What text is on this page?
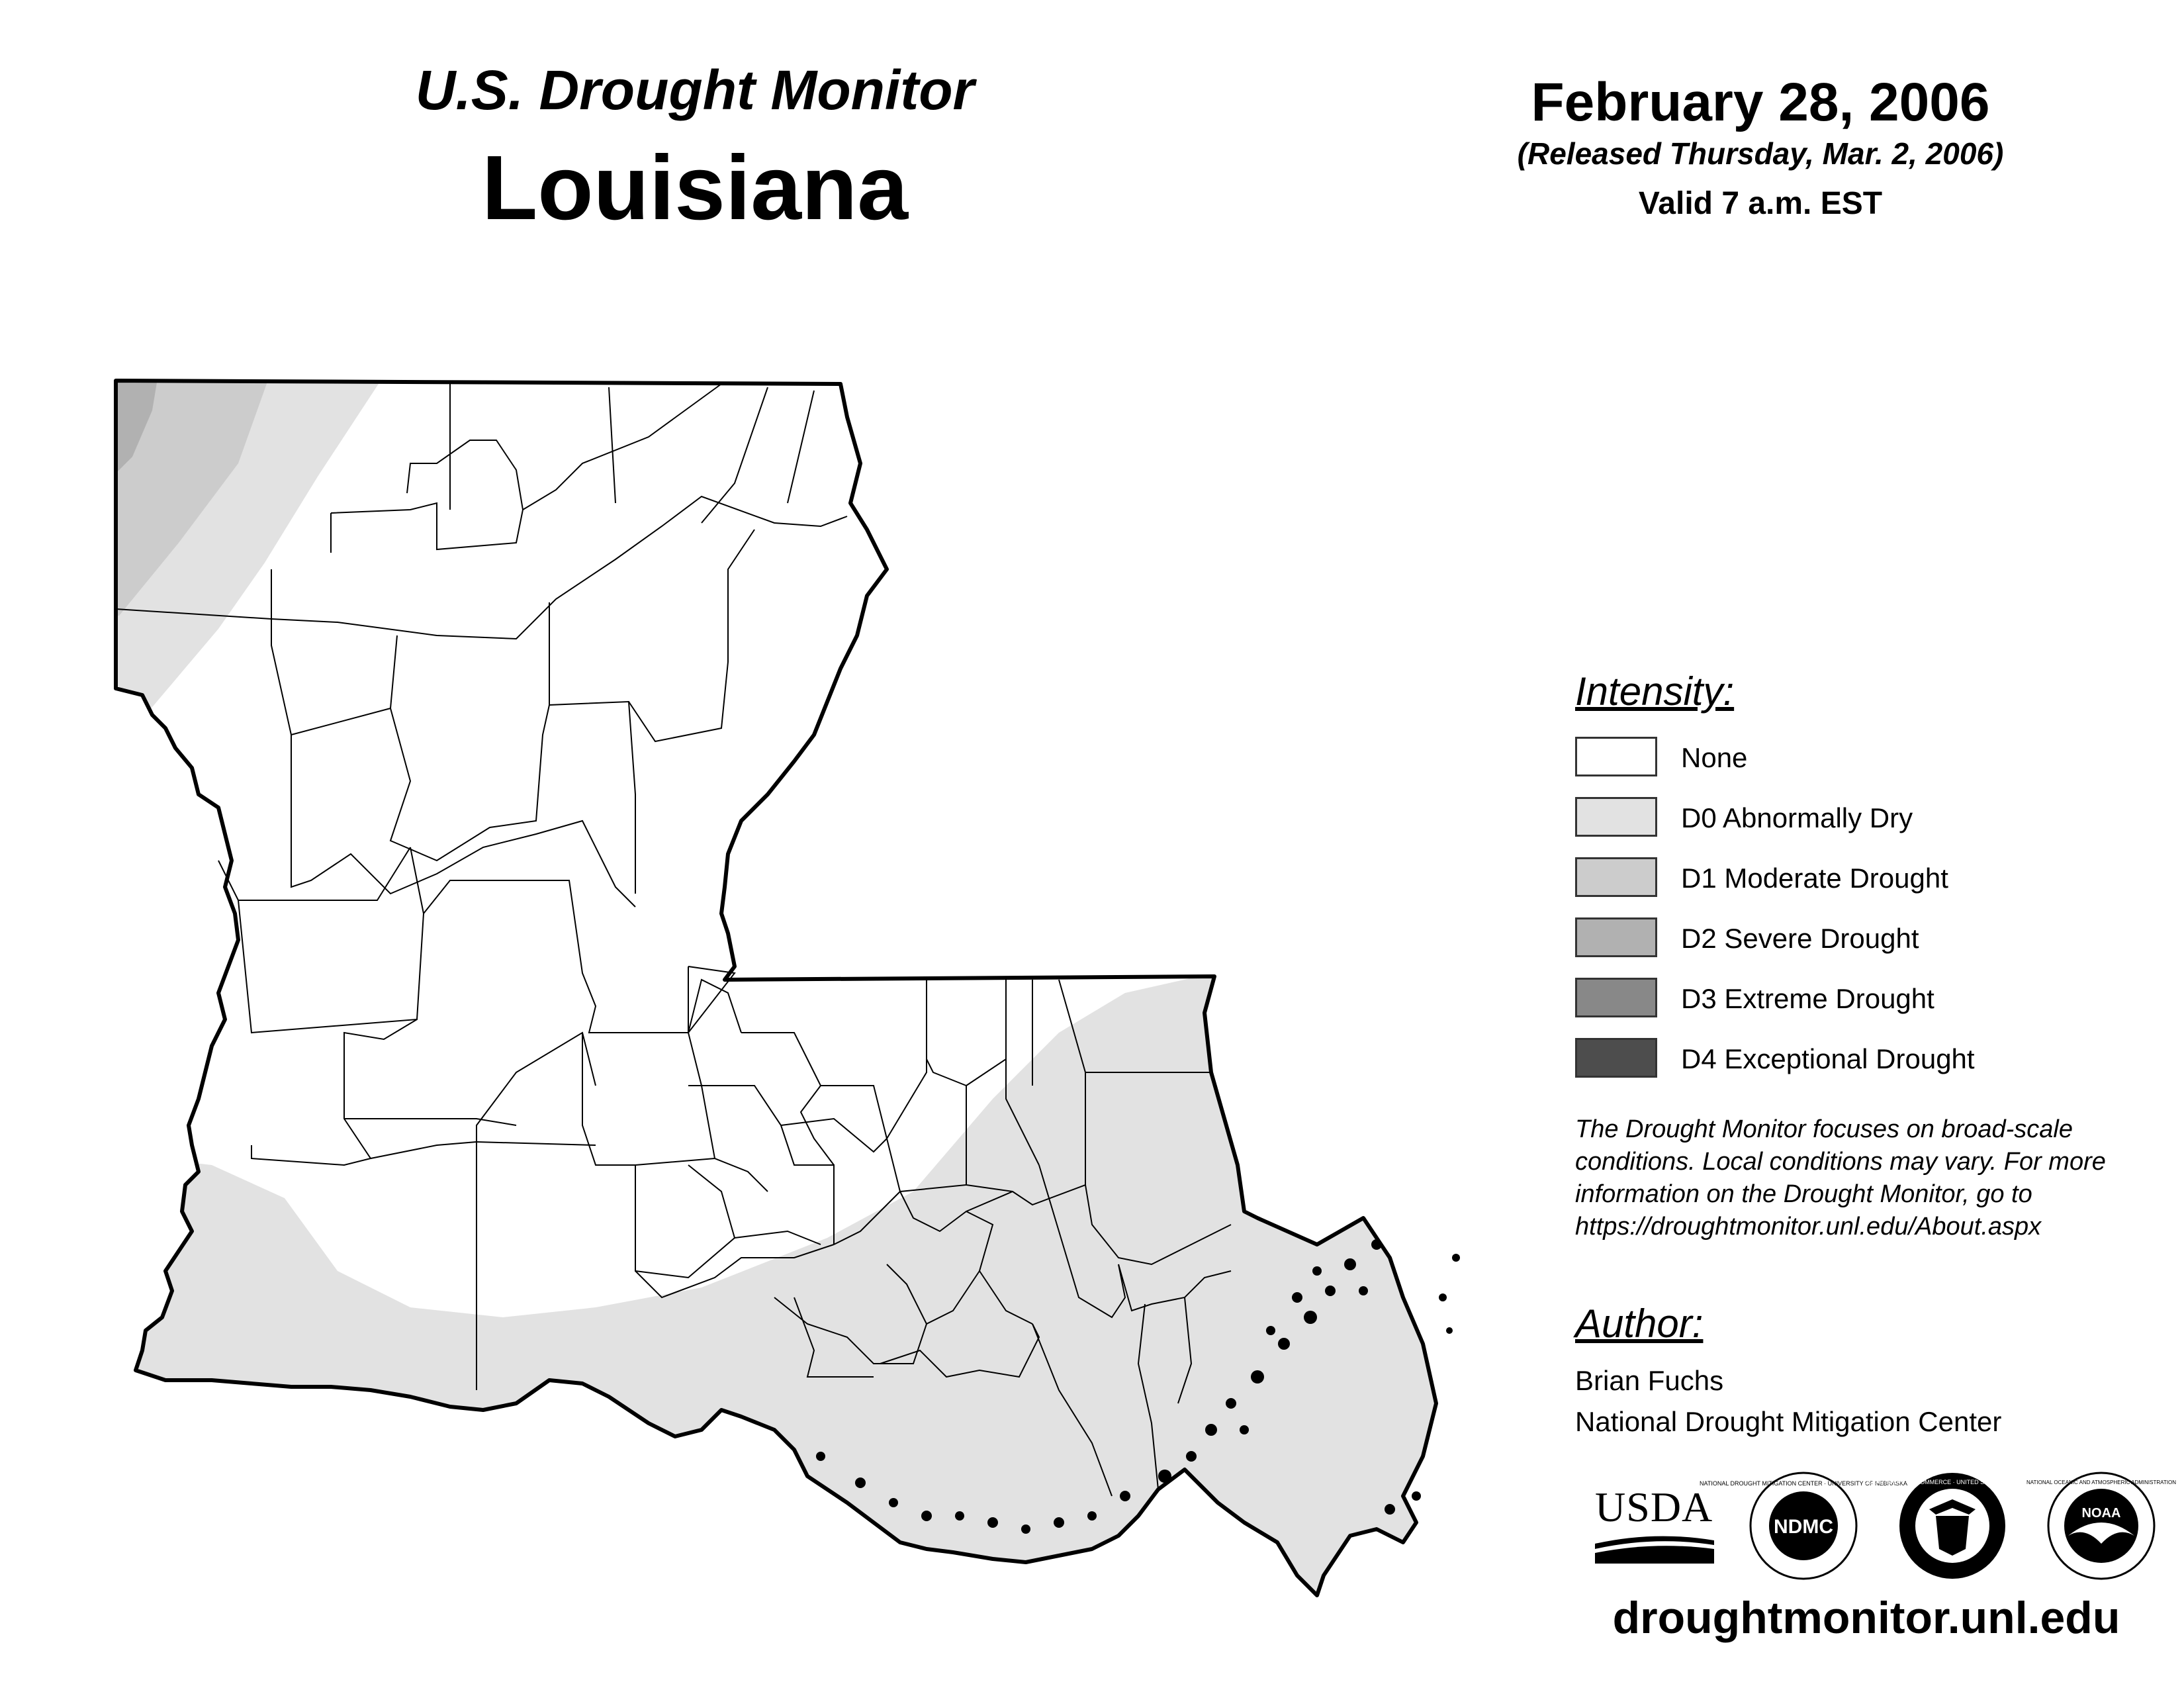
U.S. Drought Monitor
Louisiana
February 28, 2006
(Released Thursday, Mar. 2, 2006)
Valid 7 a.m. EST
Intensity:
None
D0 Abnormally Dry
D1 Moderate Drought
D2 Severe Drought
D3 Extreme Drought
D4 Exceptional Drought
The Drought Monitor focuses on broad-scale
conditions. Local conditions may vary. For more
information on the Drought Monitor, go to
https://droughtmonitor.unl.edu/About.aspx
Author:
Brian Fuchs
National Drought Mitigation Center
USDA	NDMC
NATIONAL DROUGHT MITIGATION CENTER · UNIVERSITY OF NEBRASKA
DEPARTMENT OF COMMERCE · UNITED STATES OF AMERICA
NOAA
NATIONAL OCEANIC AND ATMOSPHERIC ADMINISTRATION
droughtmonitor.unl.edu
